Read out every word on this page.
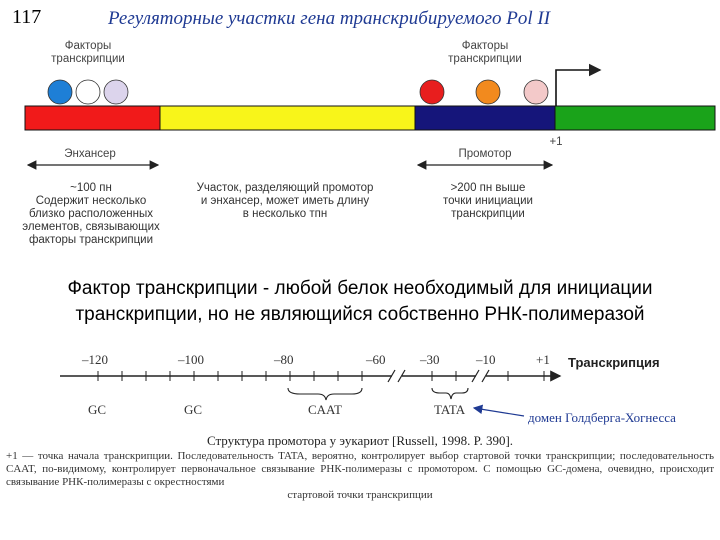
117	Регуляторные участки гена транскрибируемого Pol II
Факторы
транскрипции
Факторы
транскрипции
Энхансер	Промотор
+1
~100 пн
Содержит несколько
близко расположенных
элементов, связывающих
факторы транскрипции
Участок, разделяющий промотор
и энхансер, может иметь длину
в несколько тпн
>200 пн выше
точки инициации
транскрипции
Фактор транскрипции - любой белок необходимый для инициации
транскрипции, но не являющийся собственно РНК-полимеразой
–120	–100	–80	–60	–30	–10	+1 Транскрипция
GC	GC	CAAT	TATA
домен Голдберга-Хогнесса
Структура промотора у эукариот [Russell, 1998. P. 390].
+1 — точка начала транскрипции. Последовательность TATA, вероятно, контролирует выбор стартовой точки транскрипции; последовательность CAAT, по-видимому, контролирует первоначальное связывание РНК-полимеразы с промотором. С помощью GC-домена, очевидно, происходит связывание РНК-полимеразы с окрестностями
стартовой точки транскрипции
